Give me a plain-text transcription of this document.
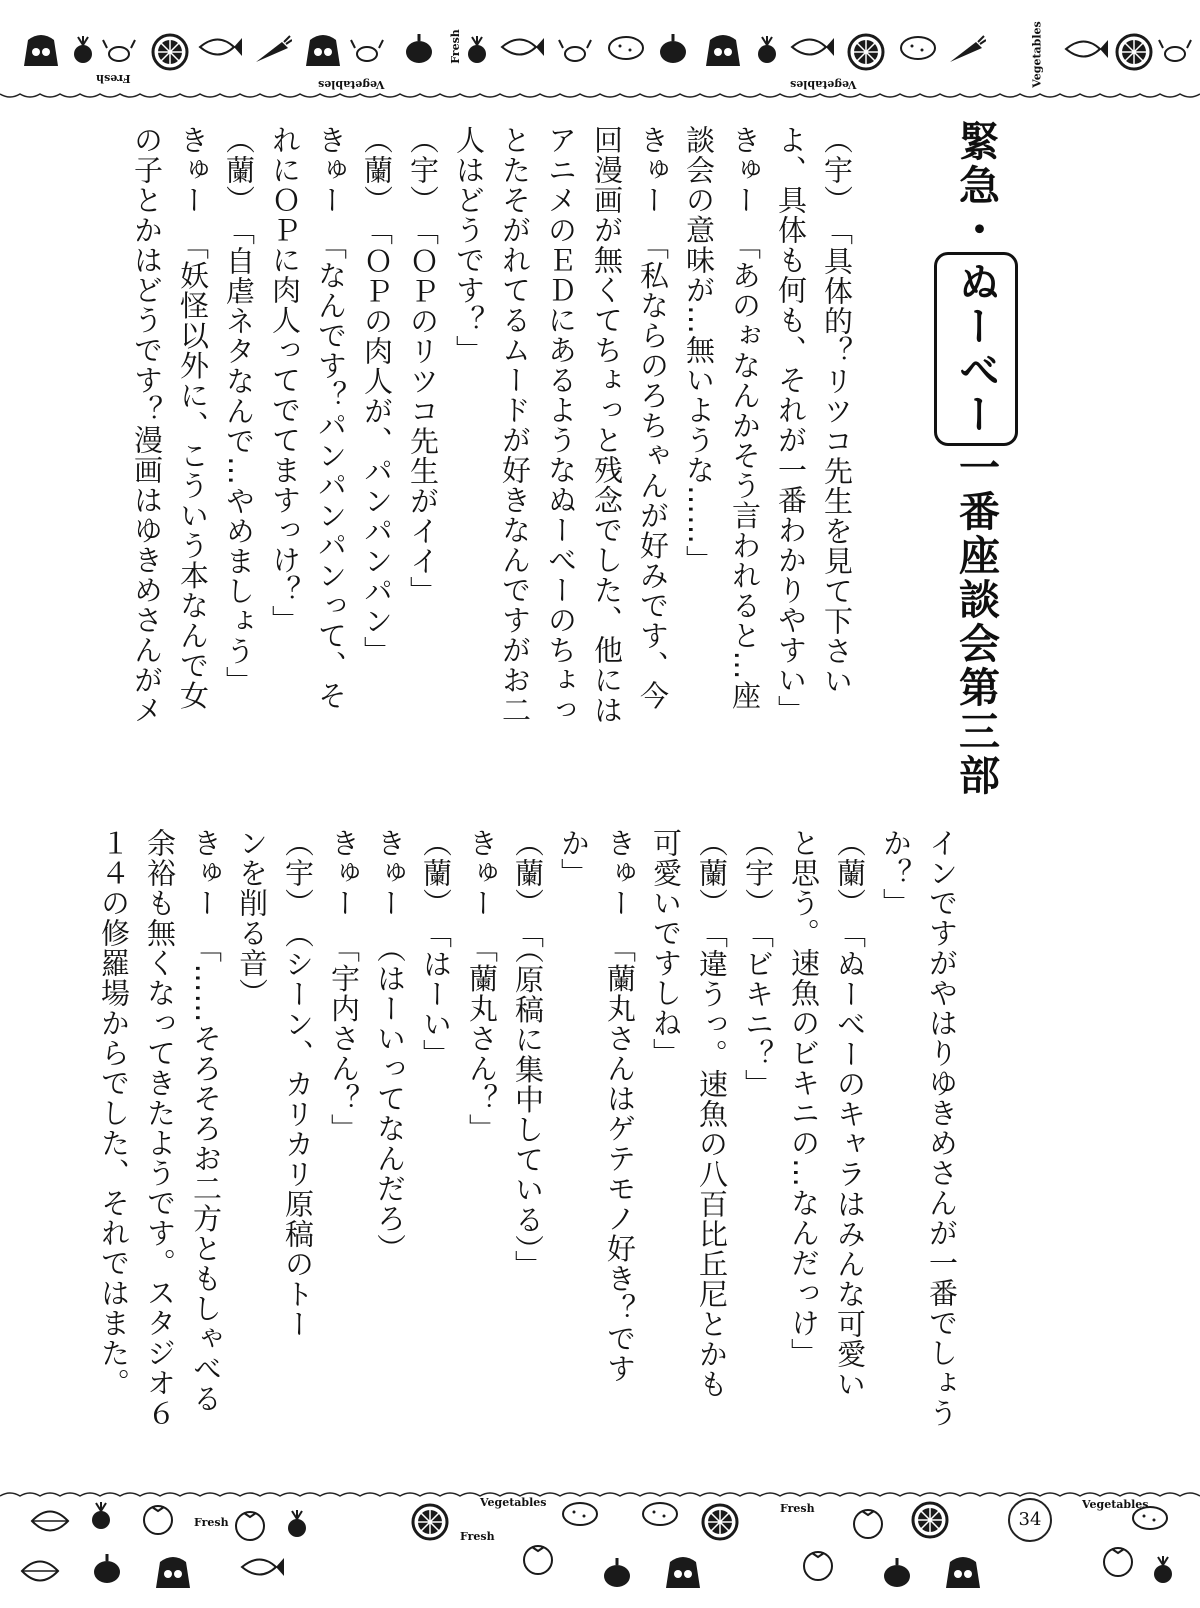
Fresh	Vegetables
Fresh	Vegetables	Vegetables
緊急・ぬーべー一番座談会第三部
（宇）　「具体的？リツコ先生を見て下さい
よ、具体も何も、それが一番わかりやすい」
きゅー　「あのぉなんかそう言われると…座
談会の意味が…無いような……」
きゅー　「私ならのろちゃんが好みです、今
回漫画が無くてちょっと残念でした、他には
アニメのＥＤにあるようなぬーべーのちょっ
とたそがれてるムードが好きなんですがお二
人はどうです？」
（宇）　「ＯＰのリツコ先生がイイ」
（蘭）　「ＯＰの肉人が、パンパンパン」
きゅー　「なんです？パンパンパンって、そ
れにＯＰに肉人ってでてますっけ？」
（蘭）　「自虐ネタなんで…やめましょう」
きゅー　「妖怪以外に、こういう本なんで女
の子とかはどうです？漫画はゆきめさんがメ
インですがやはりゆきめさんが一番でしょう
か？」
（蘭）　「ぬーべーのキャラはみんな可愛い
と思う。速魚のビキニの…なんだっけ」
（宇）　「ビキニ？」
（蘭）　「違うっ。速魚の八百比丘尼とかも
可愛いですしね」
きゅー　「蘭丸さんはゲテモノ好き？です
か」
（蘭）　「（原稿に集中している）」
きゅー　「蘭丸さん？」
（蘭）　「はーい」
きゅー　（はーいってなんだろ）
きゅー　「宇内さん？」
（宇）　（シーン、カリカリ原稿のトー
ンを削る音）
きゅー　「……そろそろお二方ともしゃべる
余裕も無くなってきたようです。スタジオ６
１４の修羅場からでした、それではまた。
Fresh
Vegetables	Fresh	Vegetables
Fresh
34
